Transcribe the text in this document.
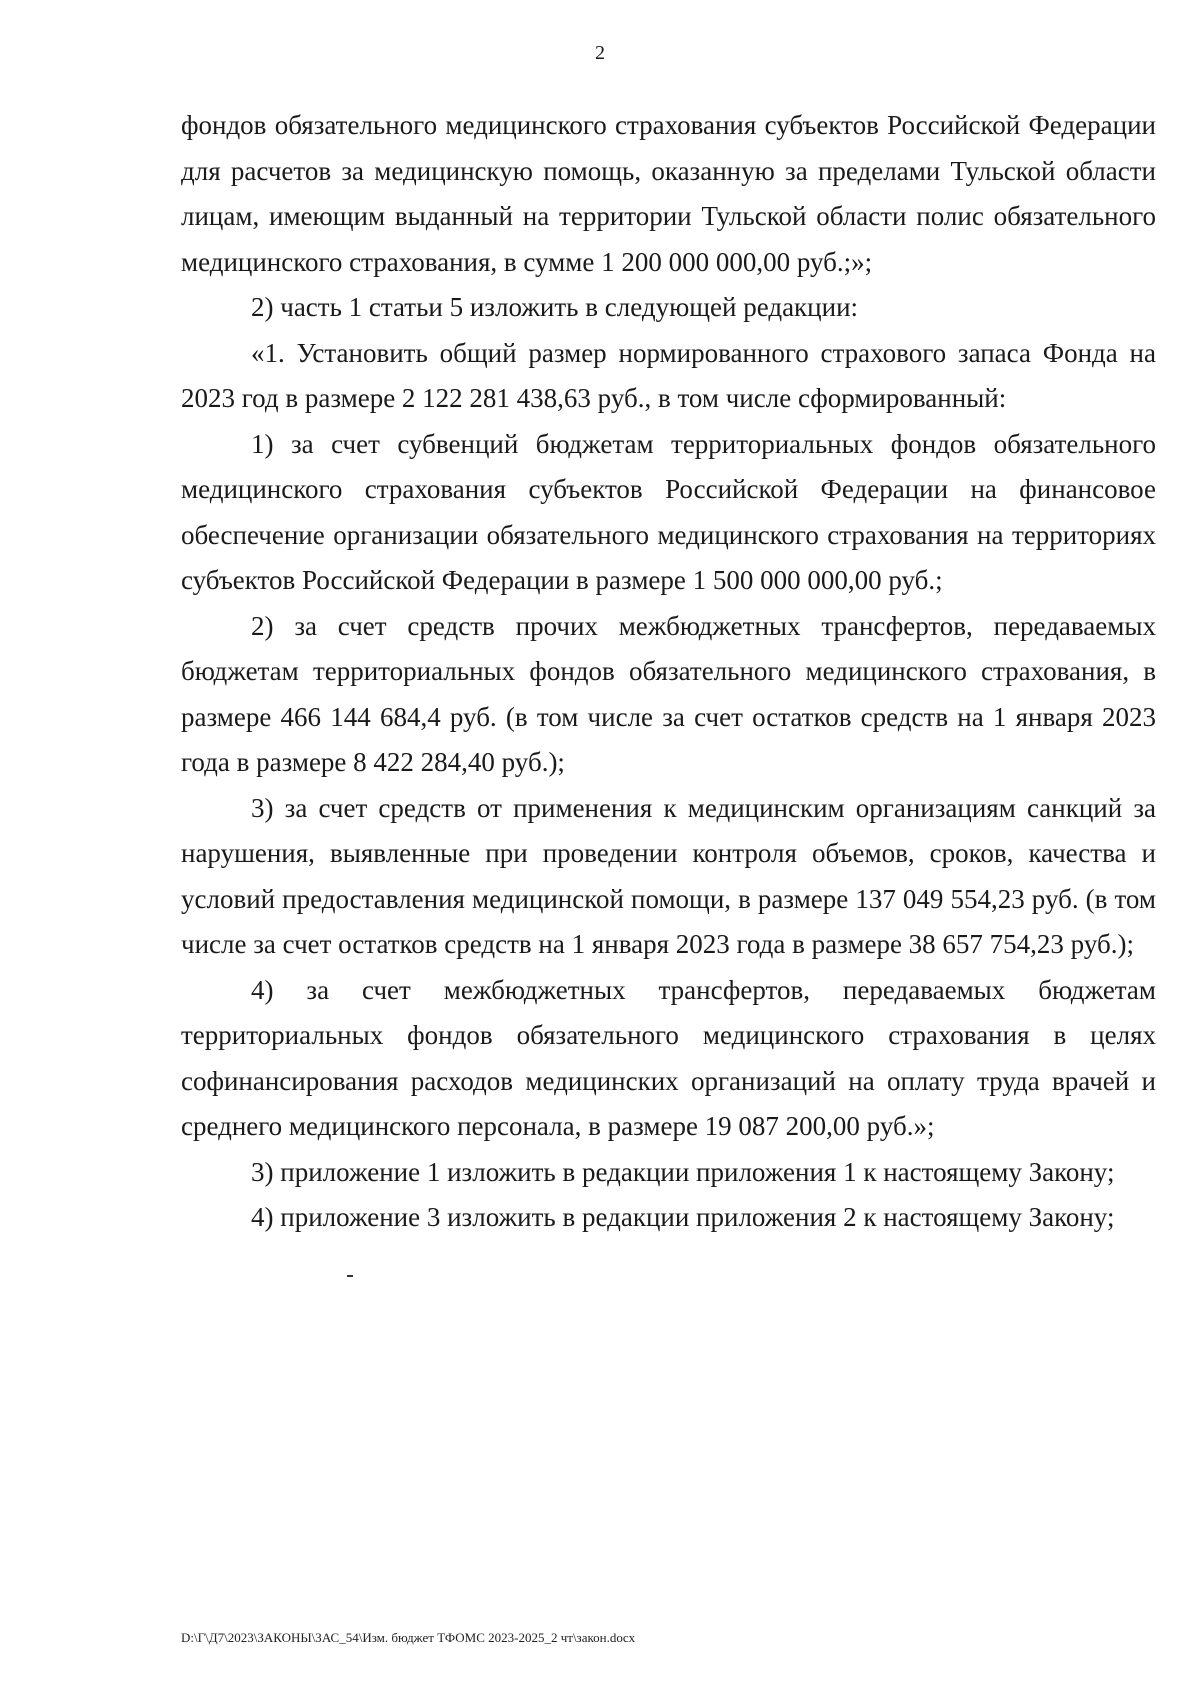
2

фондов обязательного медицинского страхования субъектов Российской Федерации для расчетов за медицинскую помощь, оказанную за пределами Тульской области лицам, имеющим выданный на территории Тульской области полис обязательного медицинского страхования, в сумме 1 200 000 000,00 руб.;»;

2) часть 1 статьи 5 изложить в следующей редакции:

«1. Установить общий размер нормированного страхового запаса Фонда на 2023 год в размере 2 122 281 438,63 руб., в том числе сформированный:

1) за счет субвенций бюджетам территориальных фондов обязательного медицинского страхования субъектов Российской Федерации на финансовое обеспечение организации обязательного медицинского страхования на территориях субъектов Российской Федерации в размере 1 500 000 000,00 руб.;

2) за счет средств прочих межбюджетных трансфертов, передаваемых бюджетам территориальных фондов обязательного медицинского страхования, в размере 466 144 684,4 руб. (в том числе за счет остатков средств на 1 января 2023 года в размере 8 422 284,40 руб.);

3) за счет средств от применения к медицинским организациям санкций за нарушения, выявленные при проведении контроля объемов, сроков, качества и условий предоставления медицинской помощи, в размере 137 049 554,23 руб. (в том числе за счет остатков средств на 1 января 2023 года в размере 38 657 754,23 руб.);

4) за счет межбюджетных трансфертов, передаваемых бюджетам территориальных фондов обязательного медицинского страхования в целях софинансирования расходов медицинских организаций на оплату труда врачей и среднего медицинского персонала, в размере 19 087 200,00 руб.»;

3) приложение 1 изложить в редакции приложения 1 к настоящему Закону;

4) приложение 3 изложить в редакции приложения 2 к настоящему Закону;

D:\Г\Д7\2023\ЗАКОНЫ\ЗАС_54\Изм. бюджет ТФОМС 2023-2025_2 чт\закон.docx
